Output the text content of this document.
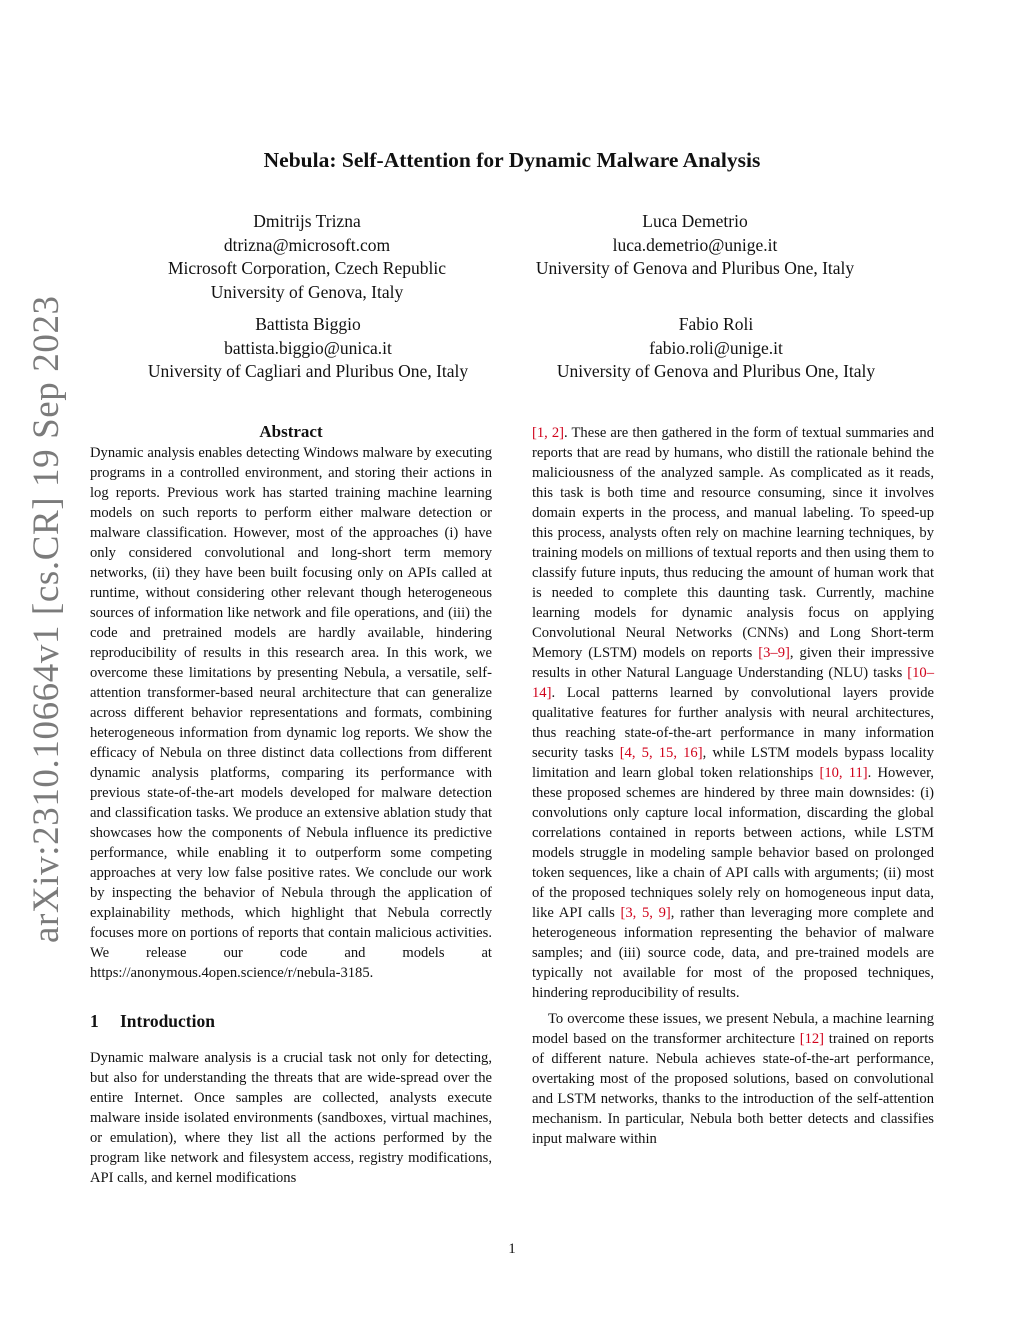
arXiv:2310.10664v1 [cs.CR] 19 Sep 2023
Nebula: Self-Attention for Dynamic Malware Analysis
Dmitrijs Trizna
dtrizna@microsoft.com
Microsoft Corporation, Czech Republic
University of Genova, Italy
Luca Demetrio
luca.demetrio@unige.it
University of Genova and Pluribus One, Italy
Battista Biggio
battista.biggio@unica.it
University of Cagliari and Pluribus One, Italy
Fabio Roli
fabio.roli@unige.it
University of Genova and Pluribus One, Italy
Abstract

Dynamic analysis enables detecting Windows malware by executing programs in a controlled environment, and storing their actions in log reports. Previous work has started training machine learning models on such reports to perform either malware detection or malware classification. However, most of the approaches (i) have only considered convolutional and long-short term memory networks, (ii) they have been built focusing only on APIs called at runtime, without considering other relevant though heterogeneous sources of information like network and file operations, and (iii) the code and pretrained models are hardly available, hindering reproducibility of results in this research area. In this work, we overcome these limitations by presenting Nebula, a versatile, self-attention transformer-based neural architecture that can generalize across different behavior representations and formats, combining heterogeneous information from dynamic log reports. We show the efficacy of Nebula on three distinct data collections from different dynamic analysis platforms, comparing its performance with previous state-of-the-art models developed for malware detection and classification tasks. We produce an extensive ablation study that showcases how the components of Nebula influence its predictive performance, while enabling it to outperform some competing approaches at very low false positive rates. We conclude our work by inspecting the behavior of Nebula through the application of explainability methods, which highlight that Nebula correctly focuses more on portions of reports that contain malicious activities. We release our code and models at https://anonymous.4open.science/r/nebula-3185.

1	Introduction

Dynamic malware analysis is a crucial task not only for detecting, but also for understanding the threats that are wide-spread over the entire Internet. Once samples are collected, analysts execute malware inside isolated environments (sandboxes, virtual machines, or emulation), where they list all the actions performed by the program like network and filesystem access, registry modifications, API calls, and kernel modifications

[1, 2]. These are then gathered in the form of textual summaries and reports that are read by humans, who distill the rationale behind the maliciousness of the analyzed sample. As complicated as it reads, this task is both time and resource consuming, since it involves domain experts in the process, and manual labeling. To speed-up this process, analysts often rely on machine learning techniques, by training models on millions of textual reports and then using them to classify future inputs, thus reducing the amount of human work that is needed to complete this daunting task. Currently, machine learning models for dynamic analysis focus on applying Convolutional Neural Networks (CNNs) and Long Short-term Memory (LSTM) models on reports [3–9], given their impressive results in other Natural Language Understanding (NLU) tasks [10–14]. Local patterns learned by convolutional layers provide qualitative features for further analysis with neural architectures, thus reaching state-of-the-art performance in many information security tasks [4, 5, 15, 16], while LSTM models bypass locality limitation and learn global token relationships [10, 11]. However, these proposed schemes are hindered by three main downsides: (i) convolutions only capture local information, discarding the global correlations contained in reports between actions, while LSTM models struggle in modeling sample behavior based on prolonged token sequences, like a chain of API calls with arguments; (ii) most of the proposed techniques solely rely on homogeneous input data, like API calls [3, 5, 9], rather than leveraging more complete and heterogeneous information representing the behavior of malware samples; and (iii) source code, data, and pre-trained models are typically not available for most of the proposed techniques, hindering reproducibility of results.

To overcome these issues, we present Nebula, a machine learning model based on the transformer architecture [12] trained on reports of different nature. Nebula achieves state-of-the-art performance, overtaking most of the proposed solutions, based on convolutional and LSTM networks, thanks to the introduction of the self-attention mechanism. In particular, Nebula both better detects and classifies input malware within

1
